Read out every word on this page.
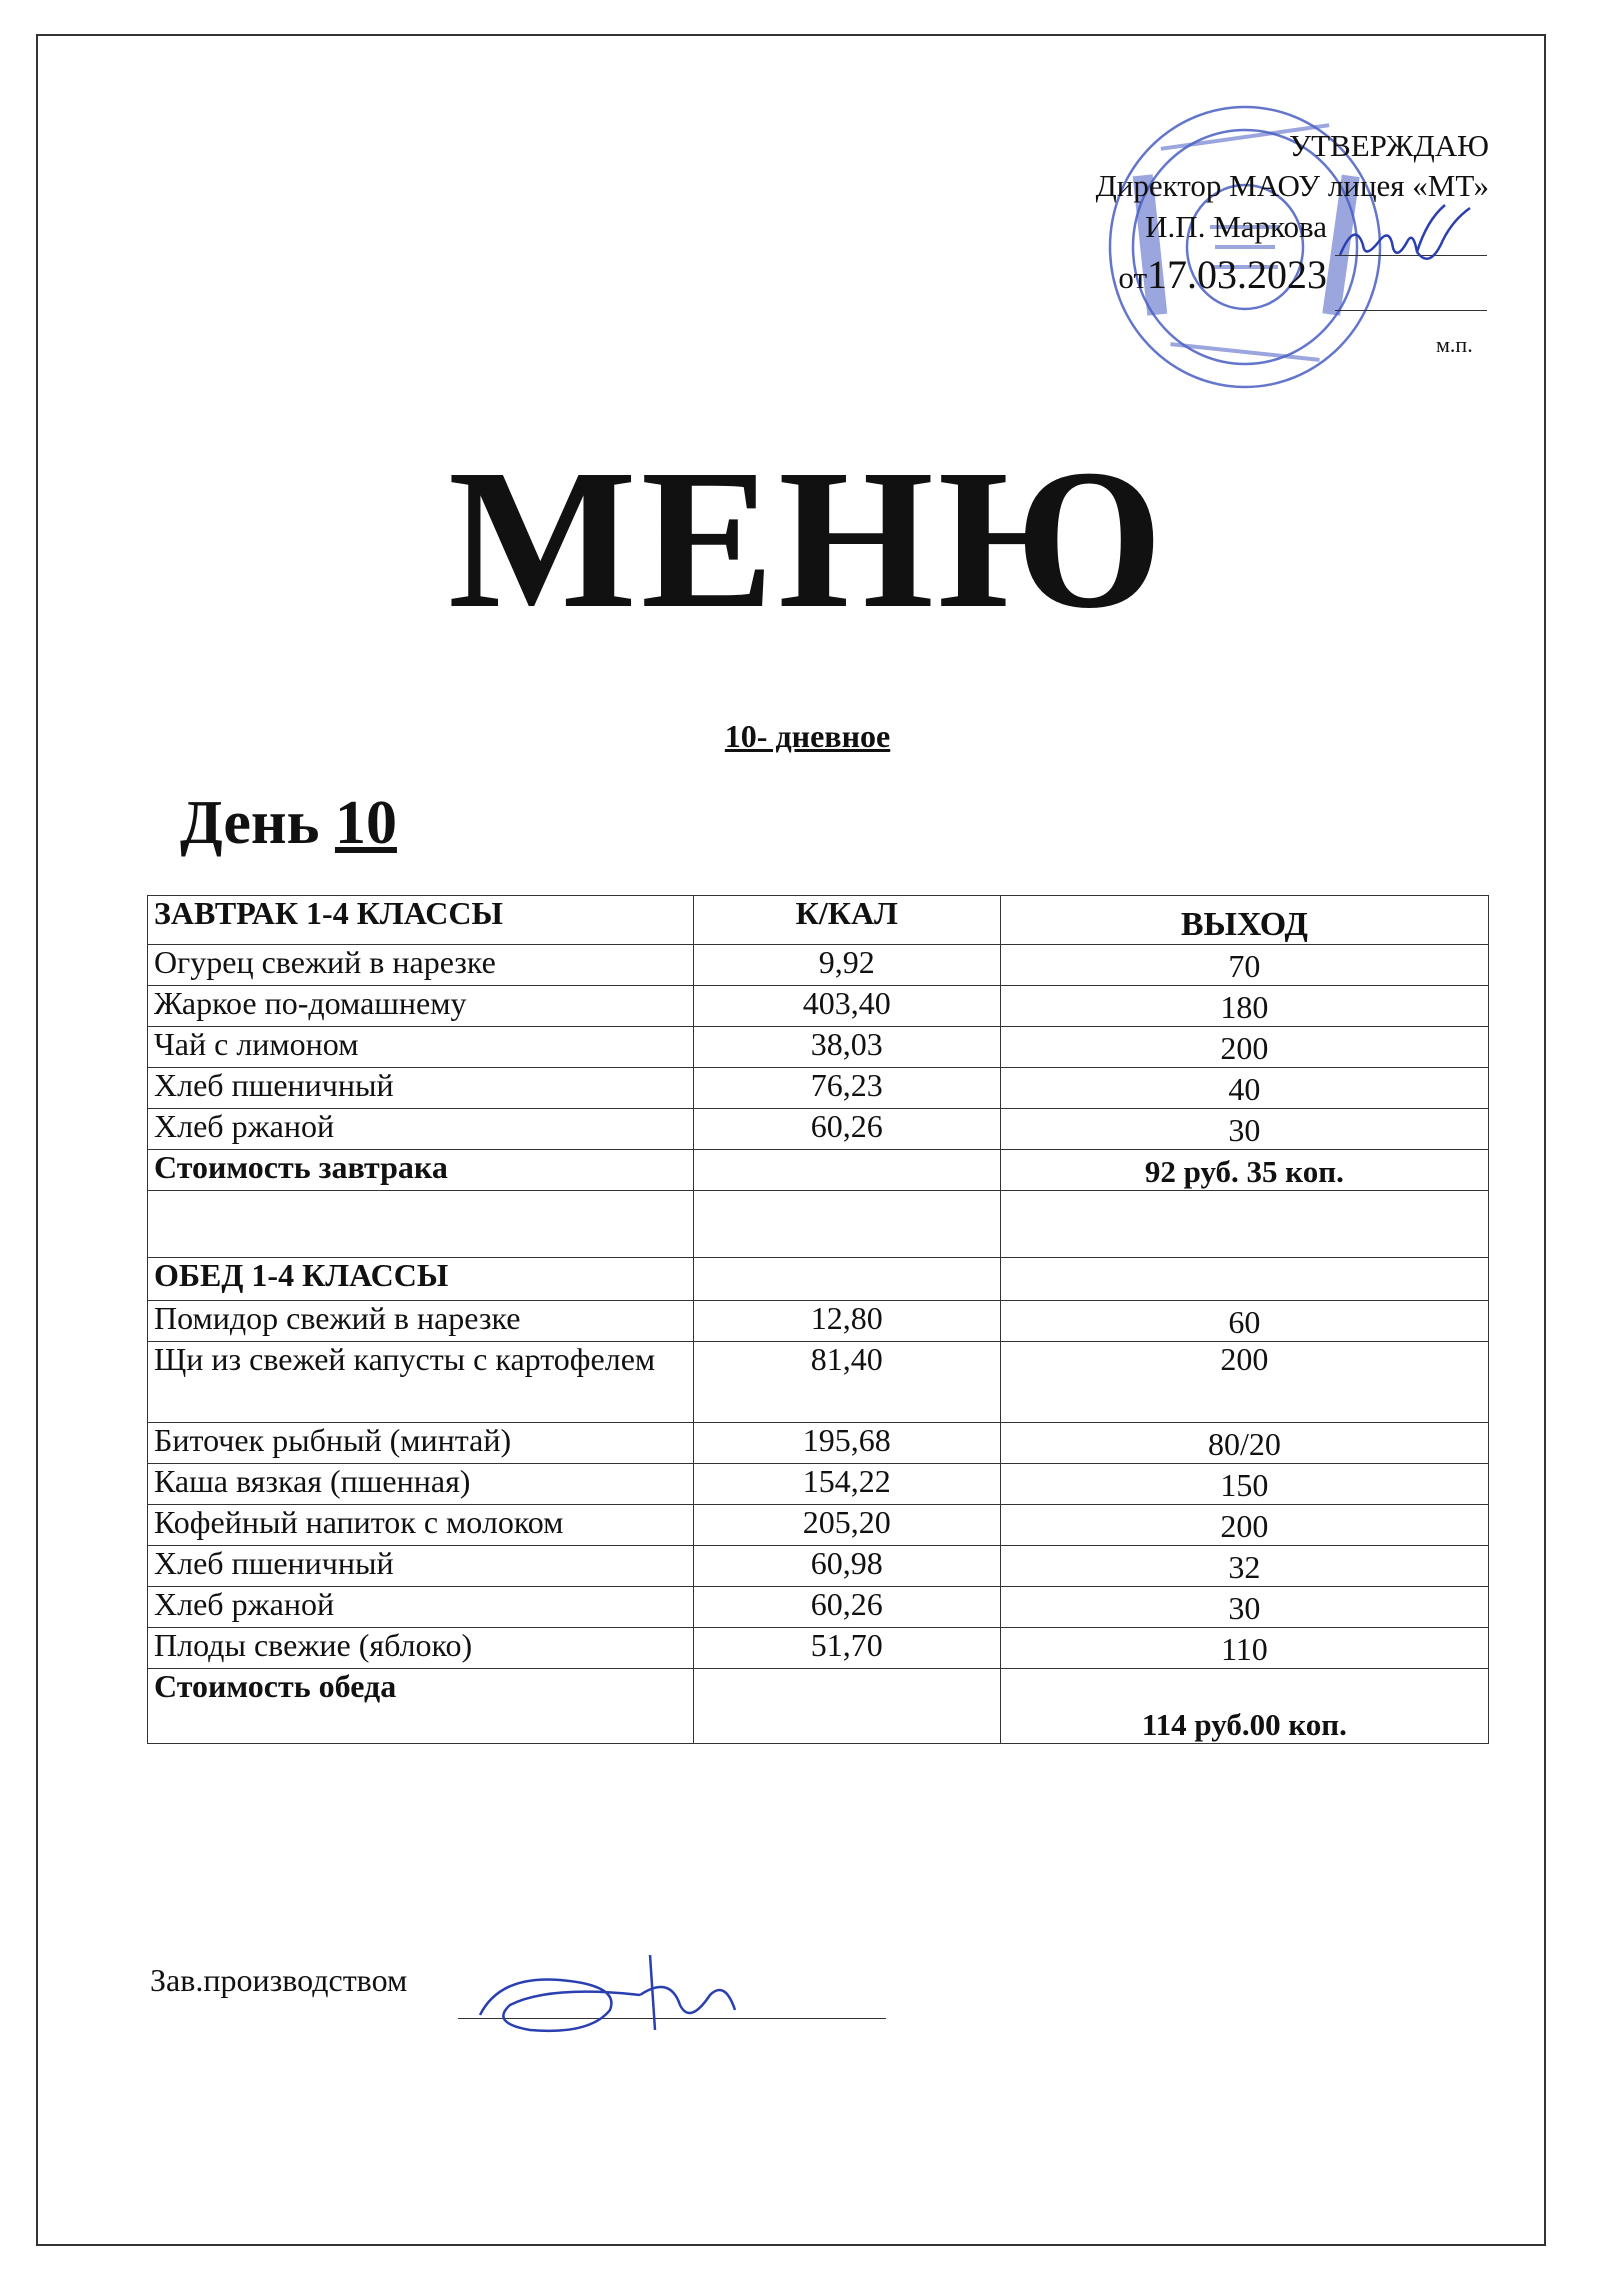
УТВЕРЖДАЮ
Директор МАОУ лицея «МТ»
И.П. Маркова
от17.03.2023
м.п.
МЕНЮ
10- дневное
День 10
ЗАВТРАК 1-4 КЛАССЫ	К/КАЛ	ВЫХОД
Огурец свежий в нарезке	9,92	70
Жаркое по-домашнему	403,40	180
Чай с лимоном	38,03	200
Хлеб пшеничный	76,23	40
Хлеб ржаной	60,26	30
Стоимость завтрака		92 руб. 35 коп.

ОБЕД 1-4 КЛАССЫ		
Помидор свежий в нарезке	12,80	60
Щи из свежей капусты с картофелем	81,40	200
Биточек рыбный (минтай)	195,68	80/20
Каша вязкая (пшенная)	154,22	150
Кофейный напиток с молоком	205,20	200
Хлеб пшеничный	60,98	32
Хлеб ржаной	60,26	30
Плоды свежие (яблоко)	51,70	110
Стоимость обеда		114 руб.00 коп.
Зав.производством
